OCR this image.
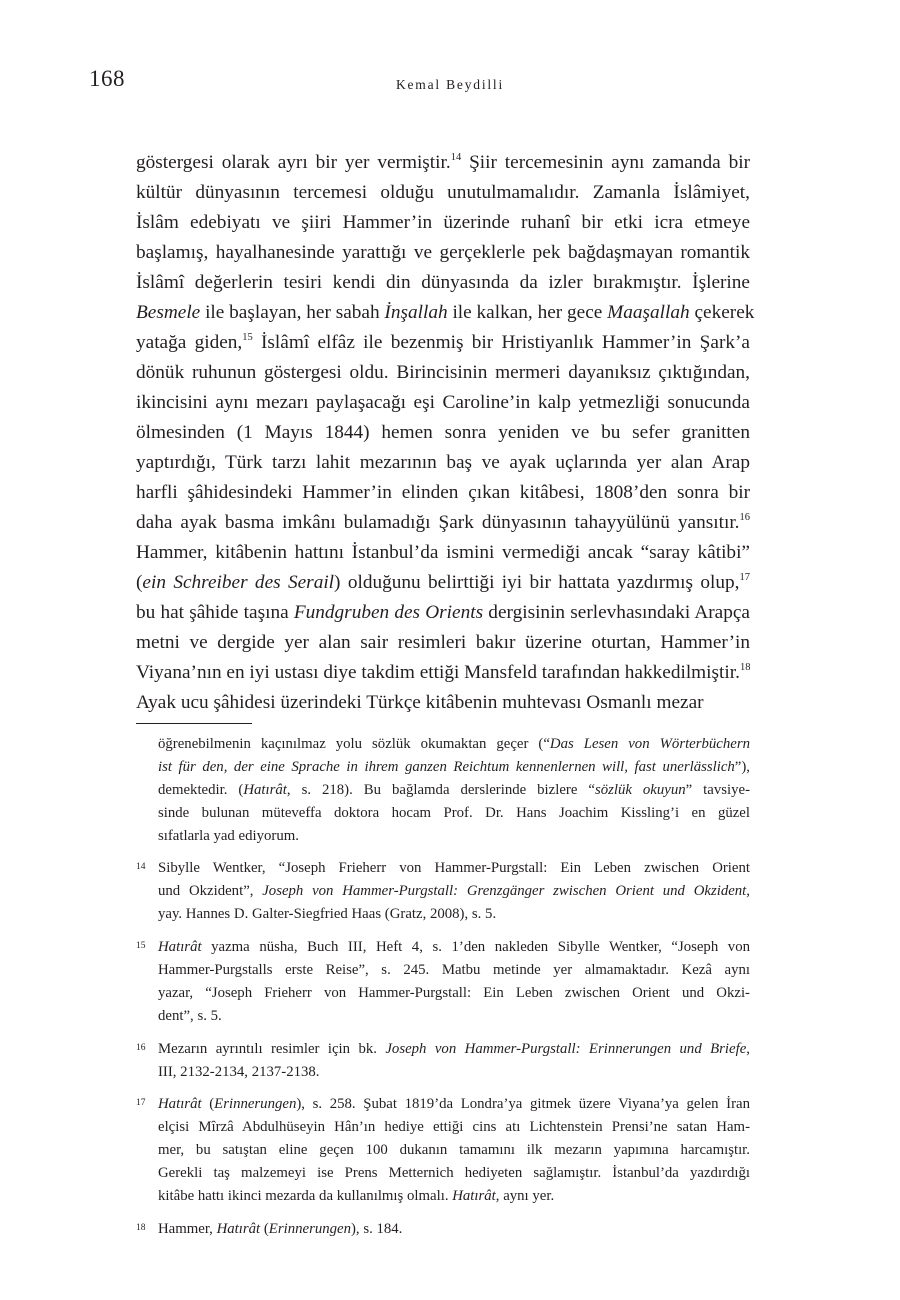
168	Kemal Beydilli
göstergesi olarak ayrı bir yer vermiştir.$^{14}$ Şiir tercemesinin aynı zamanda bir
kültür dünyasının tercemesi olduğu unutulmamalıdır. Zamanla İslâmiyet,
İslâm edebiyatı ve şiiri Hammer’in üzerinde ruhanî bir etki icra etmeye
başlamış, hayalhanesinde yarattığı ve gerçeklerle pek bağdaşmayan romantik
İslâmî değerlerin tesiri kendi din dünyasında da izler bırakmıştır. İşlerine
Besmele ile başlayan, her sabah İnşallah ile kalkan, her gece Maaşallah çekerek
yatağa giden,$^{15}$ İslâmî elfâz ile bezenmiş bir Hristiyanlık Hammer’in Şark’a
dönük ruhunun göstergesi oldu. Birincisinin mermeri dayanıksız çıktığından,
ikincisini aynı mezarı paylaşacağı eşi Caroline’in kalp yetmezliği sonucunda
ölmesinden (1 Mayıs 1844) hemen sonra yeniden ve bu sefer granitten
yaptırdığı, Türk tarzı lahit mezarının baş ve ayak uçlarında yer alan Arap
harfli şâhidesindeki Hammer’in elinden çıkan kitâbesi, 1808’den sonra bir
daha ayak basma imkânı bulamadığı Şark dünyasının tahayyülünü yansıtır.$^{16}$
Hammer, kitâbenin hattını İstanbul’da ismini vermediği ancak “saray kâtibi”
(ein Schreiber des Serail) olduğunu belirttiği iyi bir hattata yazdırmış olup,$^{17}$
bu hat şâhide taşına Fundgruben des Orients dergisinin serlevhasındaki Arapça
metni ve dergide yer alan sair resimleri bakır üzerine oturtan, Hammer’in
Viyana’nın en iyi ustası diye takdim ettiği Mansfeld tarafından hakkedilmiştir.$^{18}$
Ayak ucu şâhidesi üzerindeki Türkçe kitâbenin muhtevası Osmanlı mezar
öğrenebilmenin kaçınılmaz yolu sözlük okumaktan geçer (“Das Lesen von Wörterbüchern
ist für den, der eine Sprache in ihrem ganzen Reichtum kennenlernen will, fast unerlässlich”),
demektedir. (Hatırât, s. 218). Bu bağlamda derslerinde bizlere “sözlük okuyun” tavsiye-
sinde bulunan müteveffa doktora hocam Prof. Dr. Hans Joachim Kissling’i en güzel
sıfatlarla yad ediyorum.
14 Sibylle Wentker, “Joseph Frieherr von Hammer-Purgstall: Ein Leben zwischen Orient
und Okzident”, Joseph von Hammer-Purgstall: Grenzgänger zwischen Orient und Okzident,
yay. Hannes D. Galter-Siegfried Haas (Gratz, 2008), s. 5.
15 Hatırât yazma nüsha, Buch III, Heft 4, s. 1’den nakleden Sibylle Wentker, “Joseph von
Hammer-Purgstalls erste Reise”, s. 245. Matbu metinde yer almamaktadır. Kezâ aynı
yazar, “Joseph Frieherr von Hammer-Purgstall: Ein Leben zwischen Orient und Okzi-
dent”, s. 5.
16 Mezarın ayrıntılı resimler için bk. Joseph von Hammer-Purgstall: Erinnerungen und Briefe,
III, 2132-2134, 2137-2138.
17 Hatırât (Erinnerungen), s. 258. Şubat 1819’da Londra’ya gitmek üzere Viyana’ya gelen İran
elçisi Mîrzâ Abdulhüseyin Hân’ın hediye ettiği cins atı Lichtenstein Prensi’ne satan Ham-
mer, bu satıştan eline geçen 100 dukanın tamamını ilk mezarın yapımına harcamıştır.
Gerekli taş malzemeyi ise Prens Metternich hediyeten sağlamıştır. İstanbul’da yazdırdığı
kitâbe hattı ikinci mezarda da kullanılmış olmalı. Hatırât, aynı yer.
18 Hammer, Hatırât (Erinnerungen), s. 184.
